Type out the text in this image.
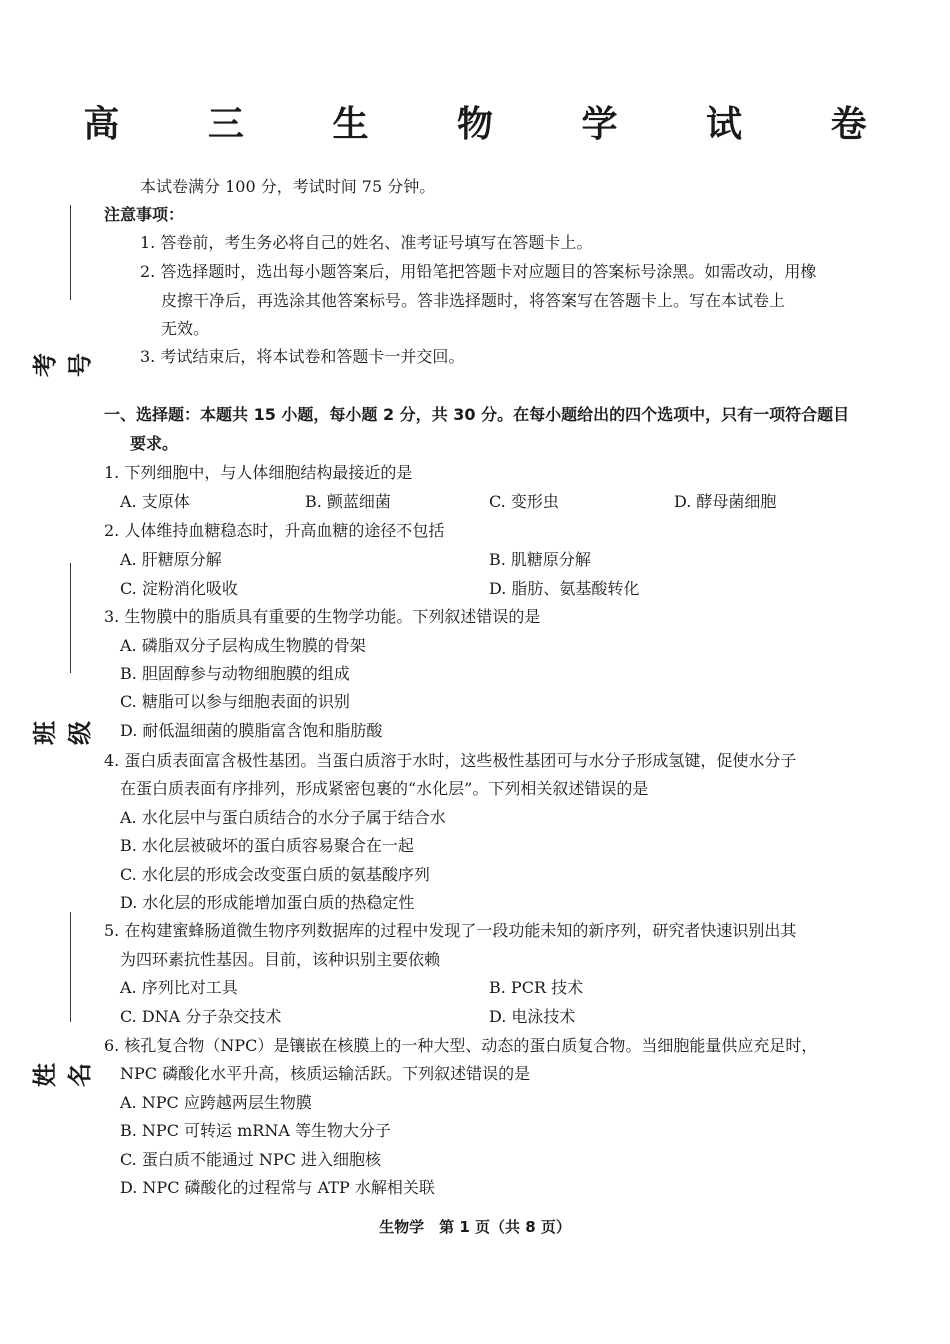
高 三 生 物 学 试 卷
本试卷满分 100 分，考试时间 75 分钟。
注意事项：
1. 答卷前，考生务必将自己的姓名、准考证号填写在答题卡上。
2. 答选择题时，选出每小题答案后，用铅笔把答题卡对应题目的答案标号涂黑。如需改动，用橡
皮擦干净后，再选涂其他答案标号。答非选择题时，将答案写在答题卡上。写在本试卷上
无效。
3. 考试结束后，将本试卷和答题卡一并交回。
考号
班级
姓名
一、选择题：本题共 15 小题，每小题 2 分，共 30 分。在每小题给出的四个选项中，只有一项符合题目
要求。
1. 下列细胞中，与人体细胞结构最接近的是
A. 支原体	B. 颤蓝细菌	C. 变形虫	D. 酵母菌细胞
2. 人体维持血糖稳态时，升高血糖的途径不包括
A. 肝糖原分解	B. 肌糖原分解
C. 淀粉消化吸收	D. 脂肪、氨基酸转化
3. 生物膜中的脂质具有重要的生物学功能。下列叙述错误的是
A. 磷脂双分子层构成生物膜的骨架
B. 胆固醇参与动物细胞膜的组成
C. 糖脂可以参与细胞表面的识别
D. 耐低温细菌的膜脂富含饱和脂肪酸
4. 蛋白质表面富含极性基团。当蛋白质溶于水时，这些极性基团可与水分子形成氢键，促使水分子
在蛋白质表面有序排列，形成紧密包裹的“水化层”。下列相关叙述错误的是
A. 水化层中与蛋白质结合的水分子属于结合水
B. 水化层被破坏的蛋白质容易聚合在一起
C. 水化层的形成会改变蛋白质的氨基酸序列
D. 水化层的形成能增加蛋白质的热稳定性
5. 在构建蜜蜂肠道微生物序列数据库的过程中发现了一段功能未知的新序列，研究者快速识别出其
为四环素抗性基因。目前，该种识别主要依赖
A. 序列比对工具	B. PCR 技术
C. DNA 分子杂交技术	D. 电泳技术
6. 核孔复合物（NPC）是镶嵌在核膜上的一种大型、动态的蛋白质复合物。当细胞能量供应充足时，
NPC 磷酸化水平升高，核质运输活跃。下列叙述错误的是
A. NPC 应跨越两层生物膜
B. NPC 可转运 mRNA 等生物大分子
C. 蛋白质不能通过 NPC 进入细胞核
D. NPC 磷酸化的过程常与 ATP 水解相关联
生物学　第 1 页（共 8 页）
